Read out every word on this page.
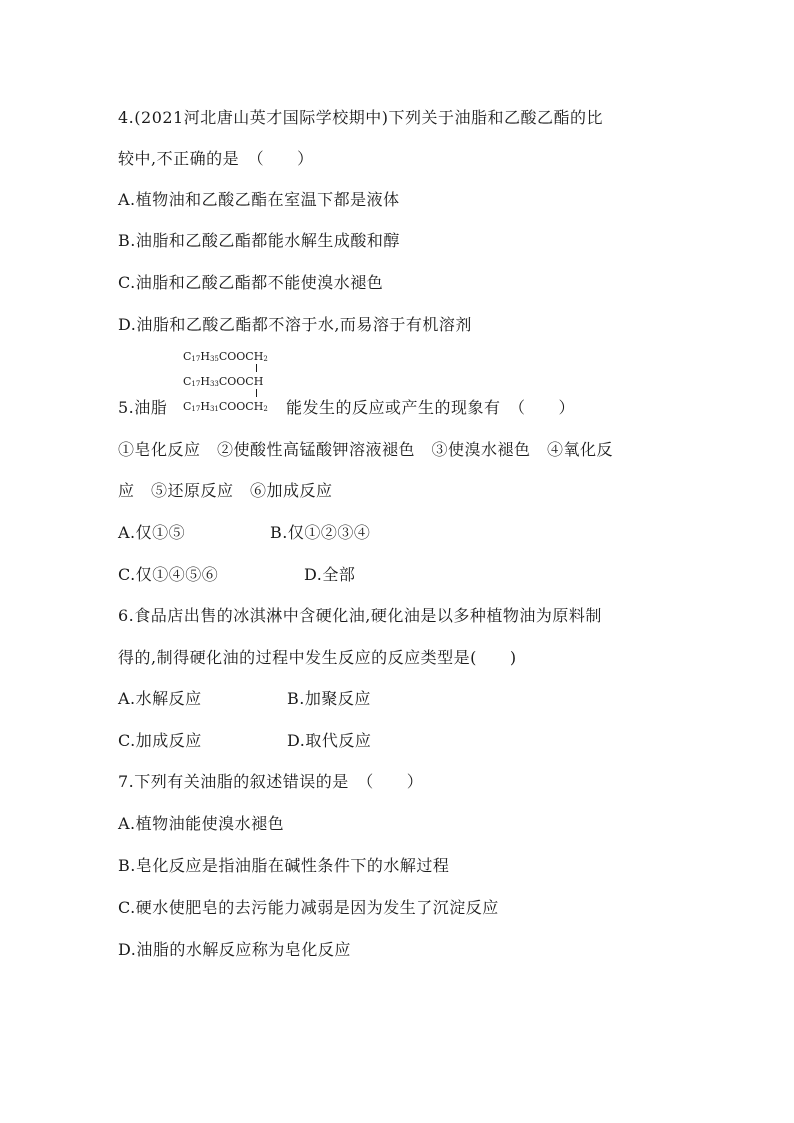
4.(2021河北唐山英才国际学校期中)下列关于油脂和乙酸乙酯的比
较中,不正确的是　（　　）
A.植物油和乙酸乙酯在室温下都是液体
B.油脂和乙酸乙酯都能水解生成酸和醇
C.油脂和乙酸乙酯都不能使溴水褪色
D.油脂和乙酸乙酯都不溶于水,而易溶于有机溶剂
$C_{17}H_{35}COOCH_2$
$C_{17}H_{33}COOCH$
$C_{17}H_{31}COOCH_2$
5.油脂	能发生的反应或产生的现象有　（　　）
①皂化反应　②使酸性高锰酸钾溶液褪色　③使溴水褪色　④氧化反
应　⑤还原反应　⑥加成反应
A.仅①⑤	B.仅①②③④
C.仅①④⑤⑥	D.全部
6.食品店出售的冰淇淋中含硬化油,硬化油是以多种植物油为原料制
得的,制得硬化油的过程中发生反应的反应类型是(　　)
A.水解反应	B.加聚反应
C.加成反应	D.取代反应
7.下列有关油脂的叙述错误的是　（　　）
A.植物油能使溴水褪色
B.皂化反应是指油脂在碱性条件下的水解过程
C.硬水使肥皂的去污能力减弱是因为发生了沉淀反应
D.油脂的水解反应称为皂化反应
